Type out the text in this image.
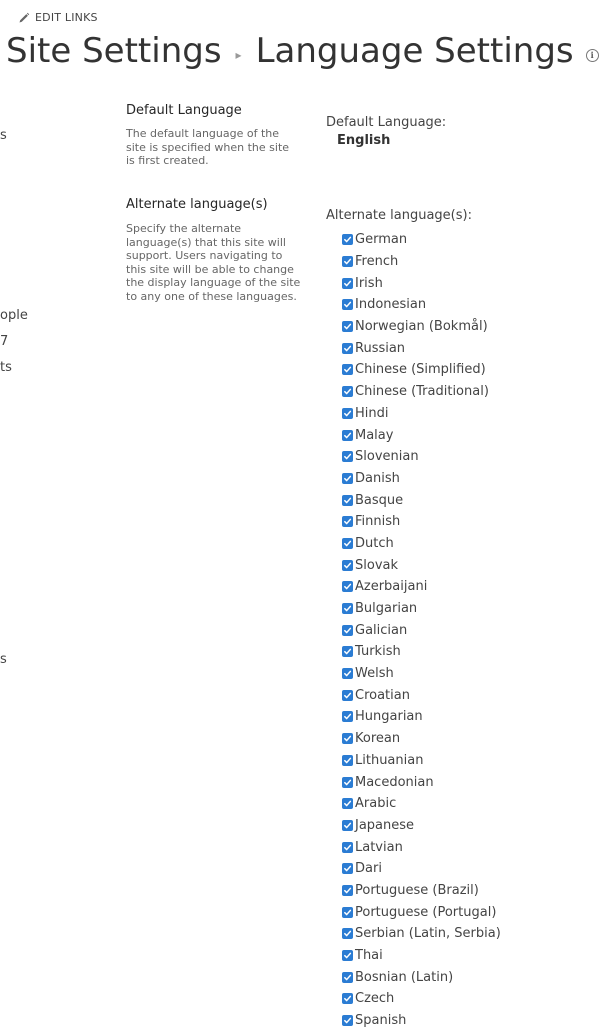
EDIT LINKS
Site Settings ▸ Language Settings	i
s
ople
7
ts
s
Default Language
The default language of the site is specified when the site is first created.
Default Language:
English
Alternate language(s)
Specify the alternate language(s) that this site will support. Users navigating to this site will be able to change the display language of the site to any one of these languages.
Alternate language(s):
German
French
Irish
Indonesian
Norwegian (Bokmål)
Russian
Chinese (Simplified)
Chinese (Traditional)
Hindi
Malay
Slovenian
Danish
Basque
Finnish
Dutch
Slovak
Azerbaijani
Bulgarian
Galician
Turkish
Welsh
Croatian
Hungarian
Korean
Lithuanian
Macedonian
Arabic
Japanese
Latvian
Dari
Portuguese (Brazil)
Portuguese (Portugal)
Serbian (Latin, Serbia)
Thai
Bosnian (Latin)
Czech
Spanish
